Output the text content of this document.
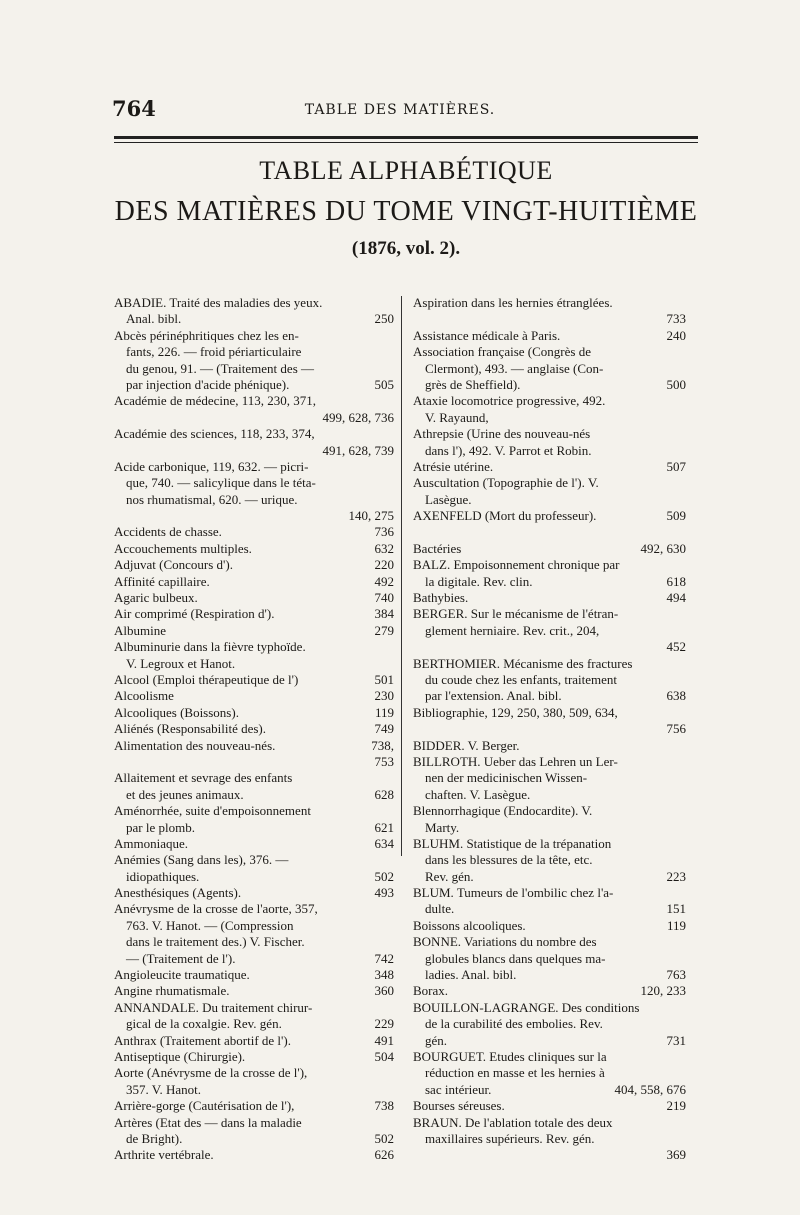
764	TABLE DES MATIÈRES.
TABLE ALPHABÉTIQUE
DES MATIÈRES DU TOME VINGT-HUITIÈME
(1876, vol. 2).
ABADIE. Traité des maladies des yeux.
Anal. bibl.	250
Abcès périnéphritiques chez les en-
fants, 226. — froid périarticulaire
du genou, 91. — (Traitement des —
par injection d'acide phénique).	505
Académie de médecine, 113, 230, 371,
499, 628, 736
Académie des sciences, 118, 233, 374,
491, 628, 739
Acide carbonique, 119, 632. — picri-
que, 740. — salicylique dans le téta-
nos rhumatismal, 620. — urique.
140, 275
Accidents de chasse.	736
Accouchements multiples.	632
Adjuvat (Concours d').	220
Affinité capillaire.	492
Agaric bulbeux.	740
Air comprimé (Respiration d').	384
Albumine	279
Albuminurie dans la fièvre typhoïde.
V. Legroux et Hanot.
Alcool (Emploi thérapeutique de l')	501
Alcoolisme	230
Alcooliques (Boissons).	119
Aliénés (Responsabilité des).	749
Alimentation des nouveau-nés.	738,
753
Allaitement et sevrage des enfants
et des jeunes animaux.	628
Aménorrhée, suite d'empoisonnement
par le plomb.	621
Ammoniaque.	634
Anémies (Sang dans les), 376. —
idiopathiques.	502
Anesthésiques (Agents).	493
Anévrysme de la crosse de l'aorte, 357,
763. V. Hanot. — (Compression
dans le traitement des.) V. Fischer.
— (Traitement de l').	742
Angioleucite traumatique.	348
Angine rhumatismale.	360
ANNANDALE. Du traitement chirur-
gical de la coxalgie. Rev. gén.	229
Anthrax (Traitement abortif de l').	491
Antiseptique (Chirurgie).	504
Aorte (Anévrysme de la crosse de l'),
357. V. Hanot.
Arrière-gorge (Cautérisation de l'),	738
Artères (Etat des — dans la maladie
de Bright).	502
Arthrite vertébrale.	626
Aspiration dans les hernies étranglées.
733
Assistance médicale à Paris.	240
Association française (Congrès de
Clermont), 493. — anglaise (Con-
grès de Sheffield).	500
Ataxie locomotrice progressive, 492.
V. Rayaund,
Athrepsie (Urine des nouveau-nés
dans l'), 492. V. Parrot et Robin.
Atrésie utérine.	507
Auscultation (Topographie de l'). V.
Lasègue.
AXENFELD (Mort du professeur).	509
Bactéries	492, 630
BALZ. Empoisonnement chronique par
la digitale. Rev. clin.	618
Bathybies.	494
BERGER. Sur le mécanisme de l'étran-
glement herniaire. Rev. crit., 204,
452
BERTHOMIER. Mécanisme des fractures
du coude chez les enfants, traitement
par l'extension. Anal. bibl.	638
Bibliographie, 129, 250, 380, 509, 634,
756
BIDDER. V. Berger.
BILLROTH. Ueber das Lehren un Ler-
nen der medicinischen Wissen-
chaften. V. Lasègue.
Blennorrhagique (Endocardite). V.
Marty.
BLUHM. Statistique de la trépanation
dans les blessures de la tête, etc.
Rev. gén.	223
BLUM. Tumeurs de l'ombilic chez l'a-
dulte.	151
Boissons alcooliques.	119
BONNE. Variations du nombre des
globules blancs dans quelques ma-
ladies. Anal. bibl.	763
Borax.	120, 233
BOUILLON-LAGRANGE. Des conditions
de la curabilité des embolies. Rev.
gén.	731
BOURGUET. Etudes cliniques sur la
réduction en masse et les hernies à
sac intérieur.	404, 558, 676
Bourses séreuses.	219
BRAUN. De l'ablation totale des deux
maxillaires supérieurs. Rev. gén.
369
